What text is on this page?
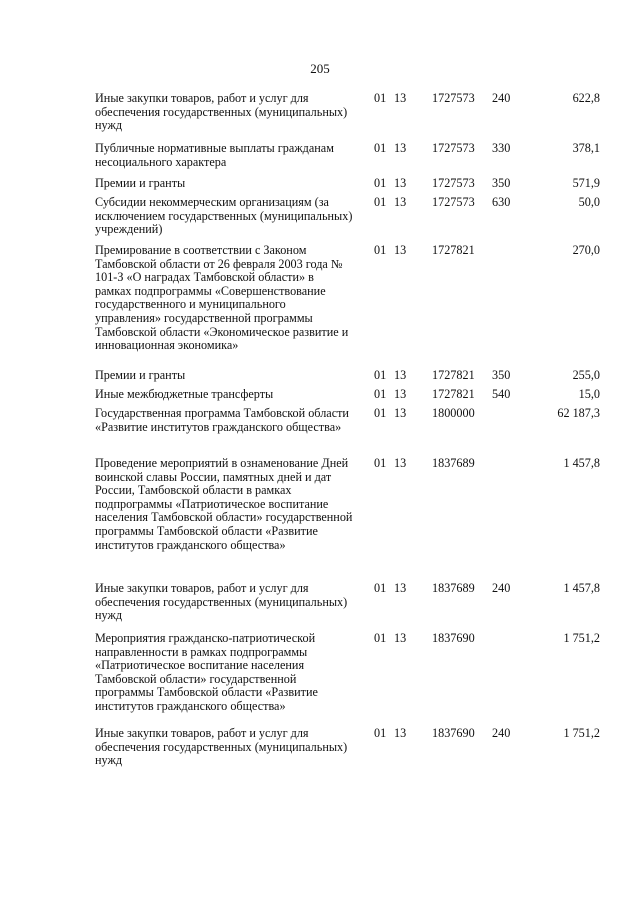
205
Иные закупки товаров, работ и услуг для обеспечения государственных (муниципальных) нужд
01 13 1727573 240	622,8
Публичные нормативные выплаты гражданам несоциального характера
01 13 1727573 330	378,1
Премии и гранты	01 13 1727573 350	571,9
Субсидии некоммерческим организациям (за исключением государственных (муниципальных) учреждений)
01 13 1727573 630	50,0
Премирование в соответствии с Законом Тамбовской области от 26 февраля 2003 года № 101-З «О наградах Тамбовской области» в рамках подпрограммы «Совершенствование государственного и муниципального управления» государственной программы Тамбовской области «Экономическое развитие и инновационная экономика»
01 13 1727821	270,0
Премии и гранты	01 13 1727821 350	255,0
Иные межбюджетные трансферты	01 13 1727821 540	15,0
Государственная программа Тамбовской области «Развитие институтов гражданского общества»
01 13 1800000	62 187,3
Проведение мероприятий в ознаменование Дней воинской славы России, памятных дней и дат России, Тамбовской области в рамках подпрограммы «Патриотическое воспитание населения Тамбовской области» государственной программы Тамбовской области «Развитие институтов гражданского общества»
01 13 1837689	1 457,8
Иные закупки товаров, работ и услуг для обеспечения государственных (муниципальных) нужд
01 13 1837689 240	1 457,8
Мероприятия гражданско-патриотической направленности в рамках подпрограммы «Патриотическое воспитание населения Тамбовской области» государственной программы Тамбовской области «Развитие институтов гражданского общества»
01 13 1837690	1 751,2
Иные закупки товаров, работ и услуг для обеспечения государственных (муниципальных) нужд
01 13 1837690 240	1 751,2
